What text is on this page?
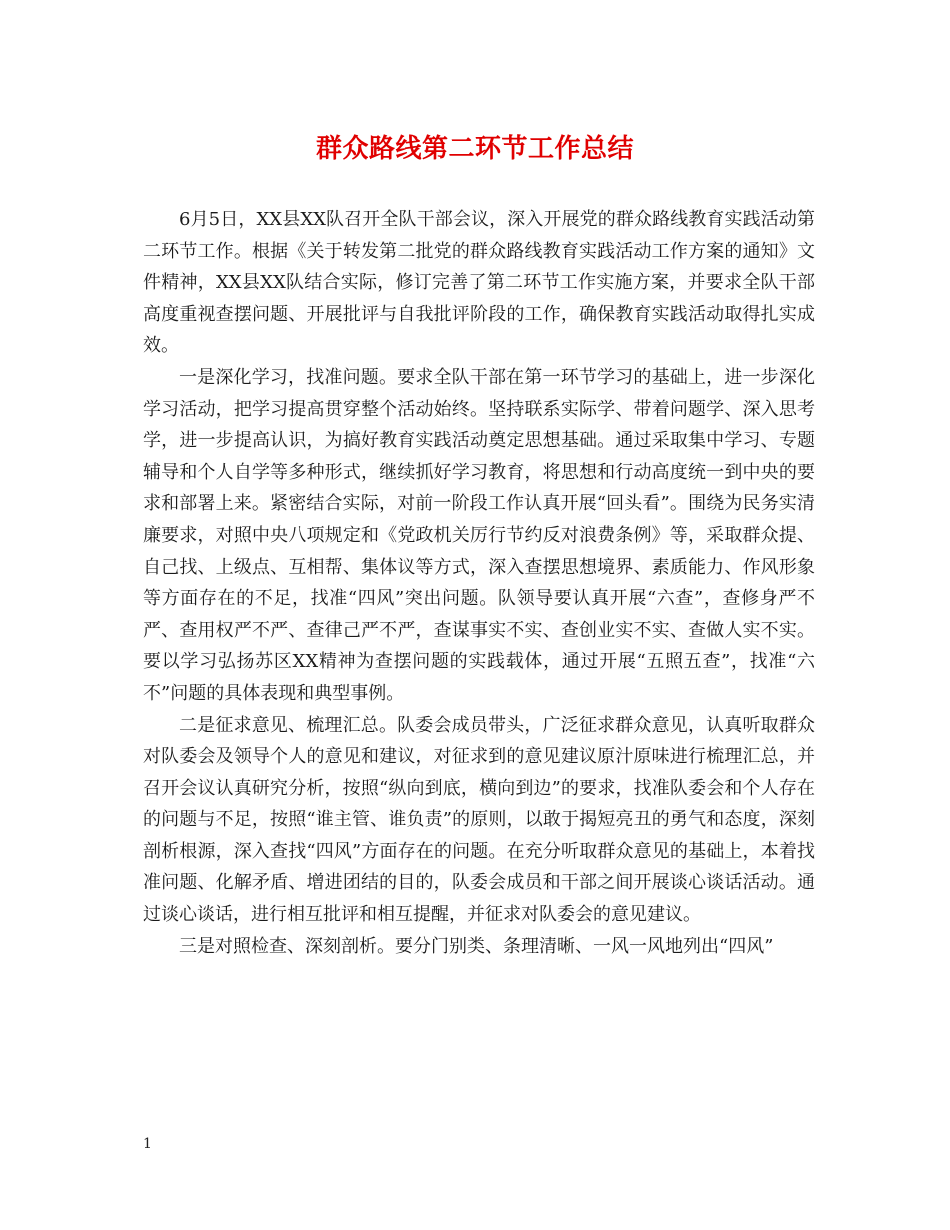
群众路线第二环节工作总结

6月5日，XX县XX队召开全队干部会议，深入开展党的群众路线教育实践活动第二环节工作。根据《关于转发第二批党的群众路线教育实践活动工作方案的通知》文件精神，XX县XX队结合实际，修订完善了第二环节工作实施方案，并要求全队干部高度重视查摆问题、开展批评与自我批评阶段的工作，确保教育实践活动取得扎实成效。

一是深化学习，找准问题。要求全队干部在第一环节学习的基础上，进一步深化学习活动，把学习提高贯穿整个活动始终。坚持联系实际学、带着问题学、深入思考学，进一步提高认识，为搞好教育实践活动奠定思想基础。通过采取集中学习、专题辅导和个人自学等多种形式，继续抓好学习教育，将思想和行动高度统一到中央的要求和部署上来。紧密结合实际，对前一阶段工作认真开展“回头看”。围绕为民务实清廉要求，对照中央八项规定和《党政机关厉行节约反对浪费条例》等，采取群众提、自己找、上级点、互相帮、集体议等方式，深入查摆思想境界、素质能力、作风形象等方面存在的不足，找准“四风”突出问题。队领导要认真开展“六查”，查修身严不严、查用权严不严、查律己严不严，查谋事实不实、查创业实不实、查做人实不实。要以学习弘扬苏区XX精神为查摆问题的实践载体，通过开展“五照五查”，找准“六不”问题的具体表现和典型事例。

二是征求意见、梳理汇总。队委会成员带头，广泛征求群众意见，认真听取群众对队委会及领导个人的意见和建议，对征求到的意见建议原汁原味进行梳理汇总，并召开会议认真研究分析，按照“纵向到底，横向到边”的要求，找准队委会和个人存在的问题与不足，按照“谁主管、谁负责”的原则，以敢于揭短亮丑的勇气和态度，深刻剖析根源，深入查找“四风”方面存在的问题。在充分听取群众意见的基础上，本着找准问题、化解矛盾、增进团结的目的，队委会成员和干部之间开展谈心谈话活动。通过谈心谈话，进行相互批评和相互提醒，并征求对队委会的意见建议。

三是对照检查、深刻剖析。要分门别类、条理清晰、一风一风地列出“四风”

1
